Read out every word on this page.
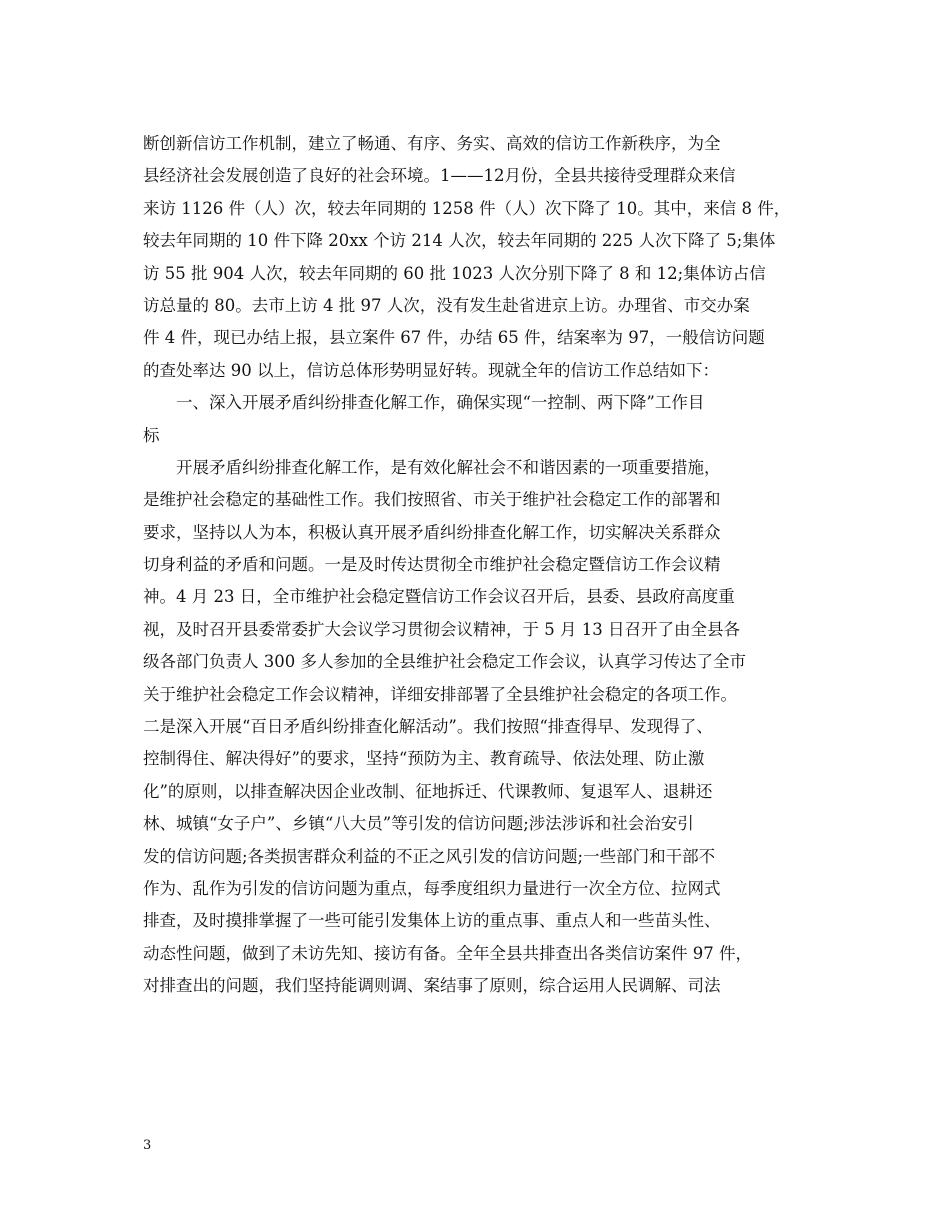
断创新信访工作机制，建立了畅通、有序、务实、高效的信访工作新秩序，为全
县经济社会发展创造了良好的社会环境。1——12月份，全县共接待受理群众来信
来访 1126 件（人）次，较去年同期的 1258 件（人）次下降了 10。其中，来信 8 件，
较去年同期的 10 件下降 20xx 个访 214 人次，较去年同期的 225 人次下降了 5;集体
访 55 批 904 人次，较去年同期的 60 批 1023 人次分别下降了 8 和 12;集体访占信
访总量的 80。去市上访 4 批 97 人次，没有发生赴省进京上访。办理省、市交办案
件 4 件，现已办结上报，县立案件 67 件，办结 65 件，结案率为 97，一般信访问题
的查处率达 90 以上，信访总体形势明显好转。现就全年的信访工作总结如下：
一、深入开展矛盾纠纷排查化解工作，确保实现“一控制、两下降”工作目
标
开展矛盾纠纷排查化解工作，是有效化解社会不和谐因素的一项重要措施，
是维护社会稳定的基础性工作。我们按照省、市关于维护社会稳定工作的部署和
要求，坚持以人为本，积极认真开展矛盾纠纷排查化解工作，切实解决关系群众
切身利益的矛盾和问题。一是及时传达贯彻全市维护社会稳定暨信访工作会议精
神。4 月 23 日，全市维护社会稳定暨信访工作会议召开后，县委、县政府高度重
视，及时召开县委常委扩大会议学习贯彻会议精神，于 5 月 13 日召开了由全县各
级各部门负责人 300 多人参加的全县维护社会稳定工作会议，认真学习传达了全市
关于维护社会稳定工作会议精神，详细安排部署了全县维护社会稳定的各项工作。
二是深入开展“百日矛盾纠纷排查化解活动”。我们按照“排查得早、发现得了、
控制得住、解决得好”的要求，坚持“预防为主、教育疏导、依法处理、防止激
化”的原则，以排查解决因企业改制、征地拆迁、代课教师、复退军人、退耕还
林、城镇“女子户”、乡镇“八大员”等引发的信访问题;涉法涉诉和社会治安引
发的信访问题;各类损害群众利益的不正之风引发的信访问题;一些部门和干部不
作为、乱作为引发的信访问题为重点，每季度组织力量进行一次全方位、拉网式
排查，及时摸排掌握了一些可能引发集体上访的重点事、重点人和一些苗头性、
动态性问题，做到了未访先知、接访有备。全年全县共排查出各类信访案件 97 件，
对排查出的问题，我们坚持能调则调、案结事了原则，综合运用人民调解、司法
3
